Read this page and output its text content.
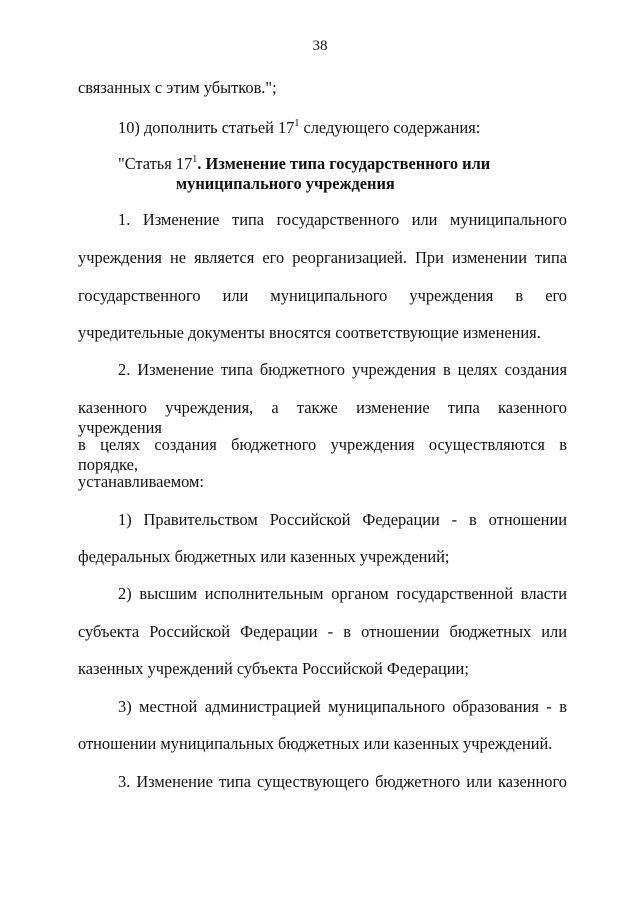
38
связанных с этим убытков.";
10) дополнить статьей $17^1$ следующего содержания:
"Статья $17^1$. Изменение типа государственного или
муниципального учреждения
1. Изменение типа государственного или муниципального
учреждения не является его реорганизацией. При изменении типа
государственного или муниципального учреждения в его
учредительные документы вносятся соответствующие изменения.
2. Изменение типа бюджетного учреждения в целях создания
казенного учреждения, а также изменение типа казенного учреждения
в целях создания бюджетного учреждения осуществляются в порядке,
устанавливаемом:
1) Правительством Российской Федерации - в отношении
федеральных бюджетных или казенных учреждений;
2) высшим исполнительным органом государственной власти
субъекта Российской Федерации - в отношении бюджетных или
казенных учреждений субъекта Российской Федерации;
3) местной администрацией муниципального образования - в
отношении муниципальных бюджетных или казенных учреждений.
3. Изменение типа существующего бюджетного или казенного
